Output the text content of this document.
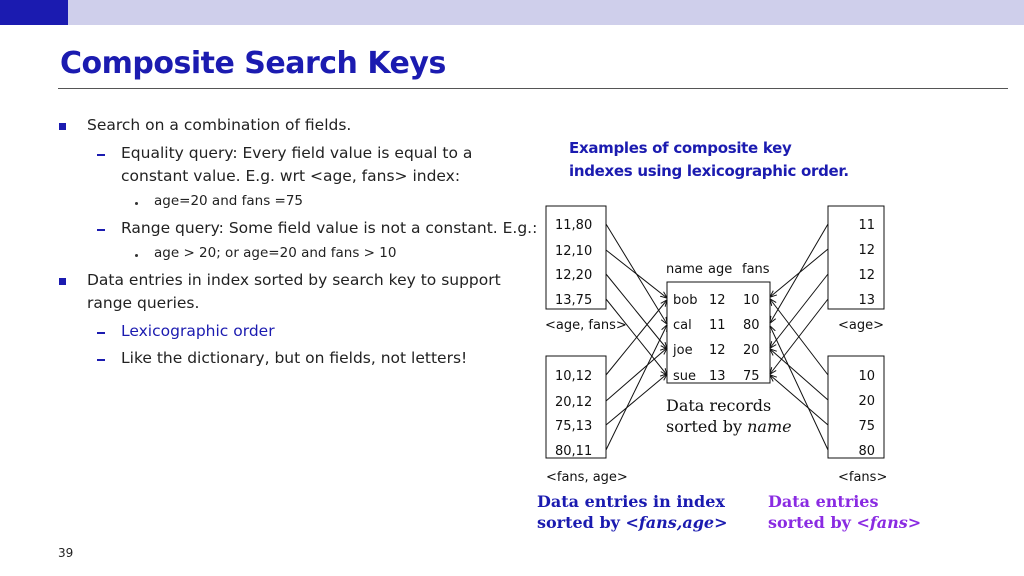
Composite Search Keys
Search on a combination of fields.
Equality query: Every field value is equal to a
constant value. E.g. wrt <age, fans> index:
age=20 and fans =75
Range query: Some field value is not a constant. E.g.:
age > 20; or age=20 and fans > 10
Data entries in index sorted by search key to support
range queries.
Lexicographic order
Like the dictionary, but on fields, not letters!
Examples of composite key
indexes using lexicographic order.
11,80
12,10
12,20
13,75
<age, fans>
10,12
20,12
75,13
80,11
<fans, age>
11
12
12
13
<age>
10
20
75
80
<fans>
name age fans
bob 12 10
cal 11 80
joe 12 20
sue 13 75
Data records
sorted by name
Data entries in index
sorted by <fans,age>
Data entries
sorted by <fans>
39
